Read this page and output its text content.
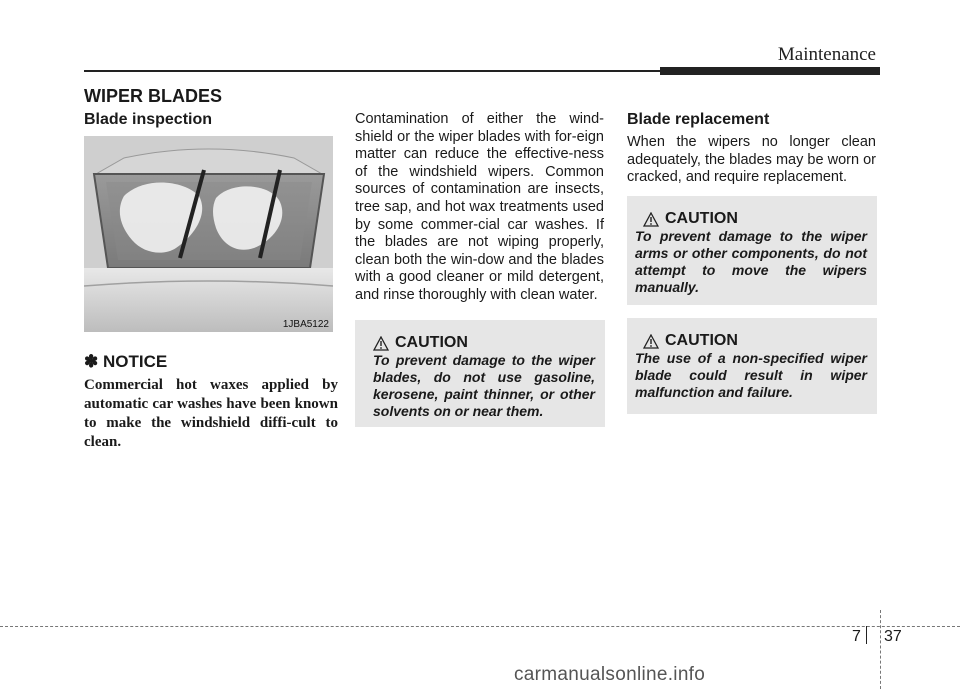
Maintenance
WIPER BLADES
Blade inspection
1JBA5122
✽ NOTICE
Commercial hot waxes applied by automatic car washes have been known to make the windshield diffi-cult to clean.
Contamination of either the wind-shield or the wiper blades with for-eign matter can reduce the effective-ness of the windshield wipers. Common sources of contamination are insects, tree sap, and hot wax treatments used by some commer-cial car washes. If the blades are not wiping properly, clean both the win-dow and the blades with a good cleaner or mild detergent, and rinse thoroughly with clean water.
CAUTION
To prevent damage to the wiper blades, do not use gasoline, kerosene, paint thinner, or other solvents on or near them.
Blade replacement
When the wipers no longer clean adequately, the blades may be worn or cracked, and require replacement.
CAUTION
To prevent damage to the wiper arms or other components, do not attempt to move the wipers manually.
CAUTION
The use of a non-specified wiper blade could result in wiper malfunction and failure.
7 37
carmanualsonline.info
